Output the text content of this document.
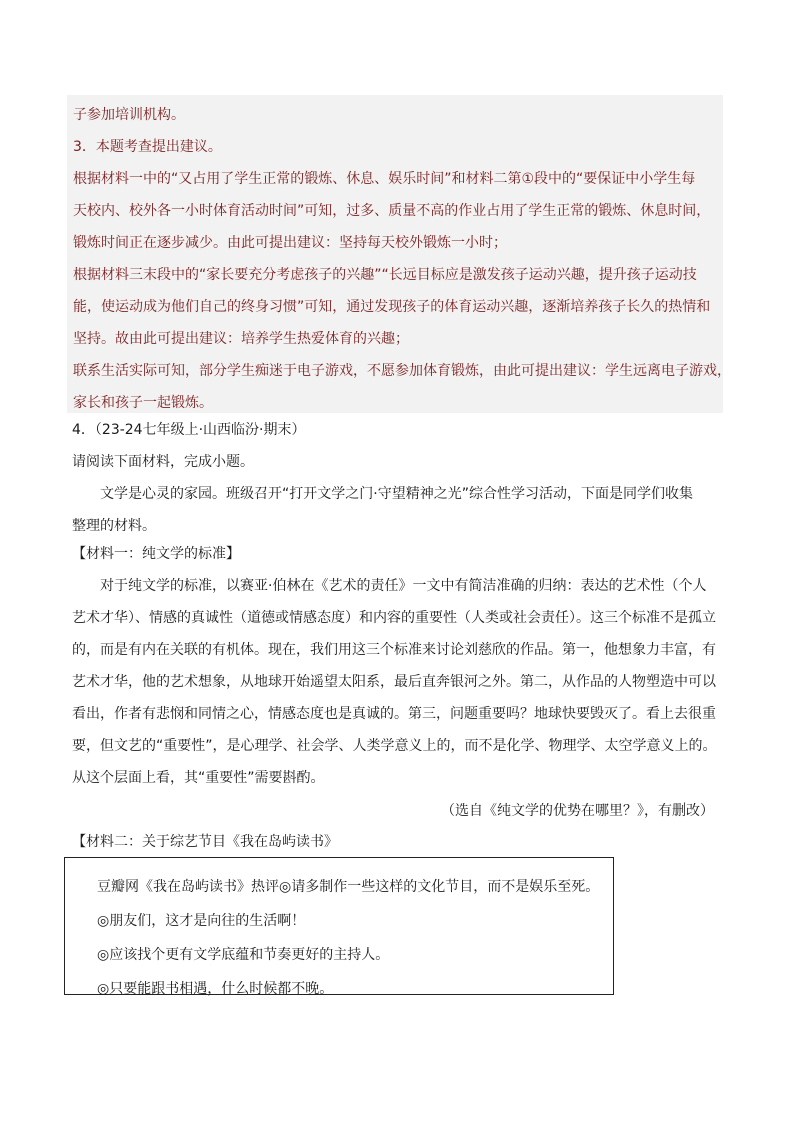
子参加培训机构。

3．本题考查提出建议。

根据材料一中的“又占用了学生正常的锻炼、休息、娱乐时间”和材料二第①段中的“要保证中小学生每

天校内、校外各一小时体育活动时间”可知，过多、质量不高的作业占用了学生正常的锻炼、休息时间，

锻炼时间正在逐步减少。由此可提出建议：坚持每天校外锻炼一小时；

根据材料三末段中的“家长要充分考虑孩子的兴趣”“长远目标应是激发孩子运动兴趣，提升孩子运动技

能，使运动成为他们自己的终身习惯”可知，通过发现孩子的体育运动兴趣，逐渐培养孩子长久的热情和

坚持。故由此可提出建议：培养学生热爱体育的兴趣；

联系生活实际可知，部分学生痴迷于电子游戏，不愿参加体育锻炼，由此可提出建议：学生远离电子游戏，

家长和孩子一起锻炼。

4．（23-24七年级上·山西临汾·期末）
请阅读下面材料，完成小题。
文学是心灵的家园。班级召开“打开文学之门·守望精神之光”综合性学习活动，下面是同学们收集
整理的材料。
【材料一：纯文学的标准】
对于纯文学的标准，以赛亚·伯林在《艺术的责任》一文中有简洁准确的归纳：表达的艺术性（个人
艺术才华）、情感的真诚性（道德或情感态度）和内容的重要性（人类或社会责任）。这三个标准不是孤立
的，而是有内在关联的有机体。现在，我们用这三个标准来讨论刘慈欣的作品。第一，他想象力丰富，有
艺术才华，他的艺术想象，从地球开始遥望太阳系，最后直奔银河之外。第二，从作品的人物塑造中可以
看出，作者有悲悯和同情之心，情感态度也是真诚的。第三，问题重要吗？地球快要毁灭了。看上去很重
要，但文艺的“重要性”，是心理学、社会学、人类学意义上的，而不是化学、物理学、太空学意义上的。
从这个层面上看，其“重要性”需要斟酌。
（选自《纯文学的优势在哪里？》，有删改）
【材料二：关于综艺节目《我在岛屿读书》
豆瓣网《我在岛屿读书》热评◎请多制作一些这样的文化节目，而不是娱乐至死。
◎朋友们，这才是向往的生活啊！
◎应该找个更有文学底蕴和节奏更好的主持人。
◎只要能跟书相遇，什么时候都不晚。
